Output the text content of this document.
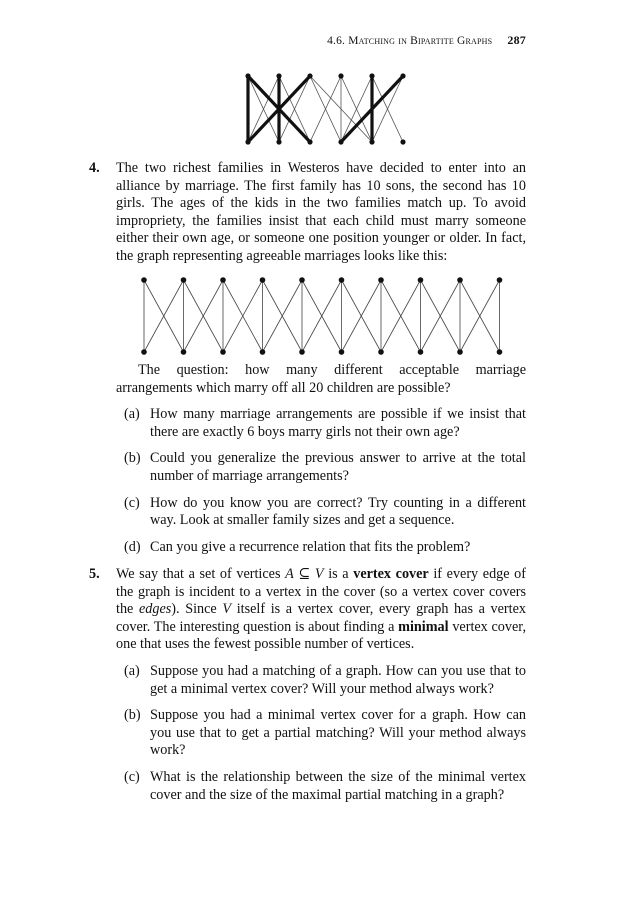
4.6. Matching in Bipartite Graphs 287
4. The two richest families in Westeros have decided to enter into an alliance by marriage. The first family has 10 sons, the second has 10 girls. The ages of the kids in the two families match up. To avoid impropriety, the families insist that each child must marry someone either their own age, or someone one position younger or older. In fact, the graph representing agreeable marriages looks like this:

The question: how many different acceptable marriage arrangements which marry off all 20 children are possible?

(a) How many marriage arrangements are possible if we insist that there are exactly 6 boys marry girls not their own age?
(b) Could you generalize the previous answer to arrive at the total number of marriage arrangements?
(c) How do you know you are correct? Try counting in a different way. Look at smaller family sizes and get a sequence.
(d) Can you give a recurrence relation that fits the problem?
5. We say that a set of vertices A ⊆ V is a vertex cover if every edge of the graph is incident to a vertex in the cover (so a vertex cover covers the edges). Since V itself is a vertex cover, every graph has a vertex cover. The interesting question is about finding a minimal vertex cover, one that uses the fewest possible number of vertices.

(a) Suppose you had a matching of a graph. How can you use that to get a minimal vertex cover? Will your method always work?
(b) Suppose you had a minimal vertex cover for a graph. How can you use that to get a partial matching? Will your method always work?
(c) What is the relationship between the size of the minimal vertex cover and the size of the maximal partial matching in a graph?
